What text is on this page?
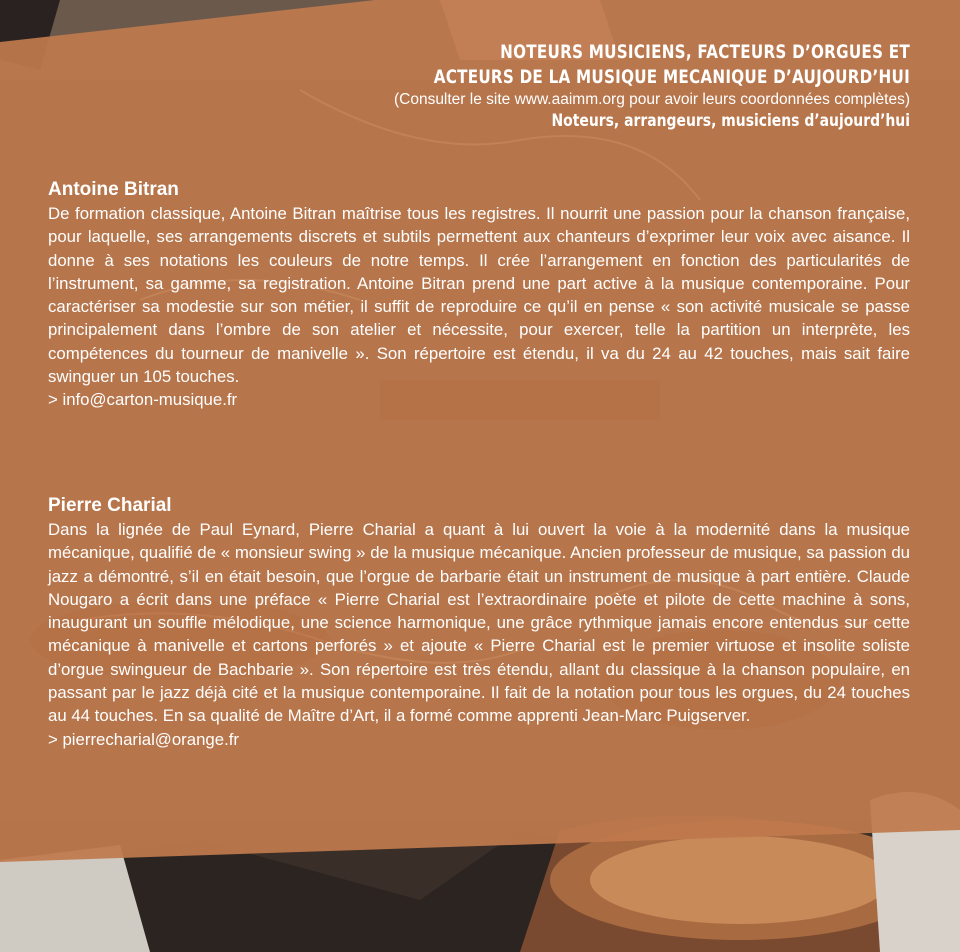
NOTEURS MUSICIENS, FACTEURS D’ORGUES ET
ACTEURS DE LA MUSIQUE MECANIQUE D’AUJOURD’HUI
(Consulter le site www.aaimm.org pour avoir leurs coordonnées complètes)
Noteurs, arrangeurs, musiciens d’aujourd’hui
Antoine Bitran

De formation classique, Antoine Bitran maîtrise tous les registres. Il nourrit une passion pour la chanson française, pour laquelle, ses arrangements discrets et subtils permettent aux chanteurs d’exprimer leur voix avec aisance. Il donne à ses notations les couleurs de notre temps. Il crée l’arrangement en fonction des particularités de l’instrument, sa gamme, sa registration. Antoine Bitran prend une part active à la musique contemporaine. Pour caractériser sa modestie sur son métier, il suffit de reproduire ce qu’il en pense « son activité musicale se passe principalement dans l’ombre de son atelier et nécessite, pour exercer, telle la partition un interprète, les compétences du tourneur de manivelle ». Son répertoire est étendu, il va du 24 au 42 touches, mais sait faire swinguer un 105 touches.

> info@carton-musique.fr
Pierre Charial

Dans la lignée de Paul Eynard, Pierre Charial a quant à lui ouvert la voie à la modernité dans la musique mécanique, qualifié de « monsieur swing » de la musique mécanique. Ancien professeur de musique, sa passion du jazz a démontré, s’il en était besoin, que l’orgue de barbarie était un instrument de musique à part entière. Claude Nougaro a écrit dans une préface « Pierre Charial est l’extraordinaire poète et pilote de cette machine à sons, inaugurant un souffle mélodique, une science harmonique, une grâce rythmique jamais encore entendus sur cette mécanique à manivelle et cartons perforés » et ajoute « Pierre Charial est le premier virtuose et insolite soliste d’orgue swingueur de Bachbarie ». Son répertoire est très étendu, allant du classique à la chanson populaire, en passant par le jazz déjà cité et la musique contemporaine. Il fait de la notation pour tous les orgues, du 24 touches au 44 touches. En sa qualité de Maître d’Art, il a formé comme apprenti Jean-Marc Puigserver.

> pierrecharial@orange.fr
